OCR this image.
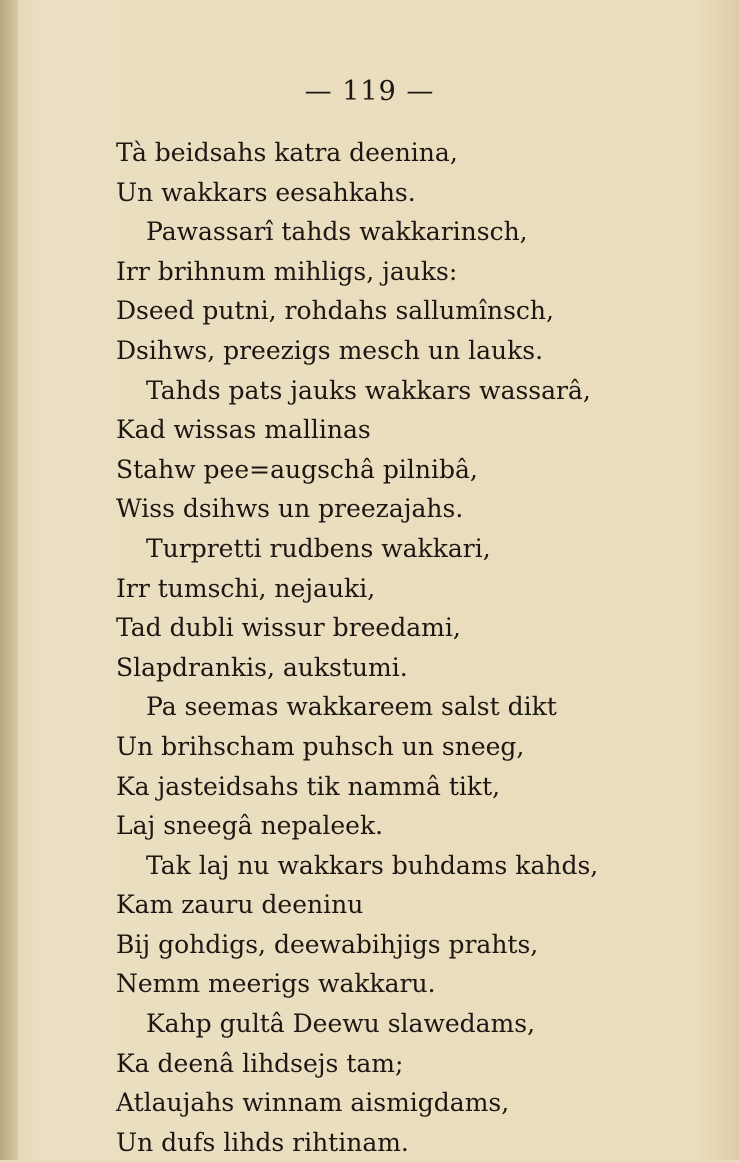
— 119 —
Tà beidsahs katra deenina,
Un wakkars eesahkahs.
Pawassarî tahds wakkarinsch,
Irr brihnum mihligs, jauks:
Dseed putni, rohdahs sallumînsch,
Dsihws, preezigs mesch un lauks.
Tahds pats jauks wakkars wassarâ,
Kad wissas mallinas
Stahw pee=augschâ pilnibâ,
Wiss dsihws un preezajahs.
Turpretti rudbens wakkari,
Irr tumschi, nejauki,
Tad dubli wissur breedami,
Slapdrankis, aukstumi.
Pa seemas wakkareem salst dikt
Un brihscham puhsch un sneeg,
Ka jasteidsahs tik nammâ tikt,
Laj sneegâ nepaleek.
Tak laj nu wakkars buhdams kahds,
Kam zauru deeninu
Bij gohdigs, deewabihjigs prahts,
Nemm meerigs wakkaru.
Kahp gultâ Deewu slawedams,
Ka deenâ lihdsejs tam;
Atlaujahs winnam aismigdams,
Un dufs lihds rihtinam.
